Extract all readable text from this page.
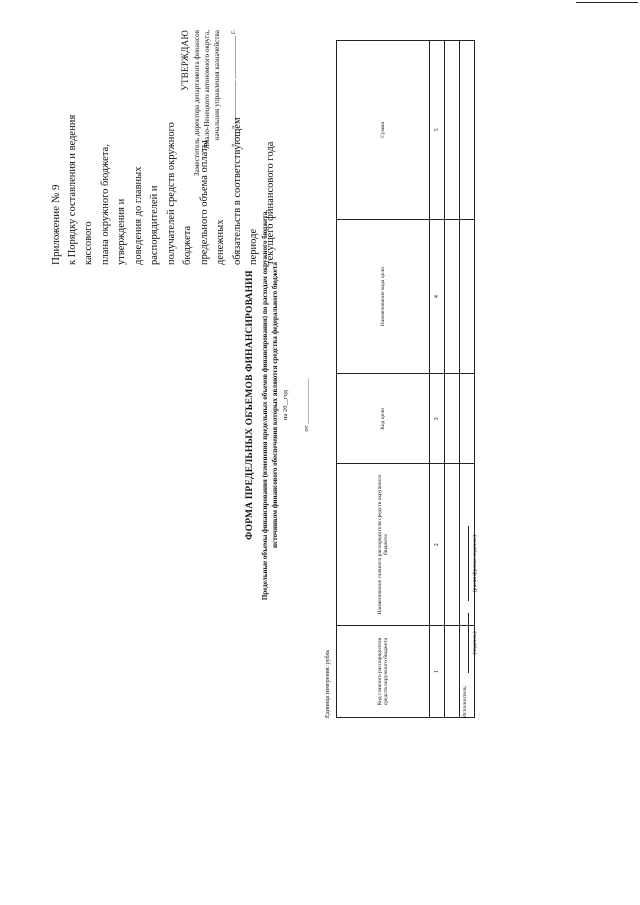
Приложение № 9 к Порядку составления и ведения кассового плана окружного бюджета, утверждения и доведения до главных распорядителей и получателей средств окружного бюджета предельного объема оплаты денежных обязательств в соответствующем периоде текущего финансового года
УТВЕРЖДАЮ Заместитель директора департамента финансов Ямало-Ненецкого автономного округа, начальник управления казначейства «____» ____________ ____________ г.
ФОРМА ПРЕДЕЛЬНЫХ ОБЪЕМОВ ФИНАНСИРОВАНИЯ Предельные объемы финансирования (изменения предельных объемов финансирования) по расходам окружного бюджета, источником финансового обеспечения которых являются средства федерального бюджета на 20__год от ______________
Единица измерения: рубль	Код главного распорядителя средств окружного бюджета	Наименование главного распорядителя средств окружного бюджета	Код цели	Наименование кода цели	Сумма
1	2	3	4	5

Исполнитель:
(подпись)
(расшифровка подписи)
